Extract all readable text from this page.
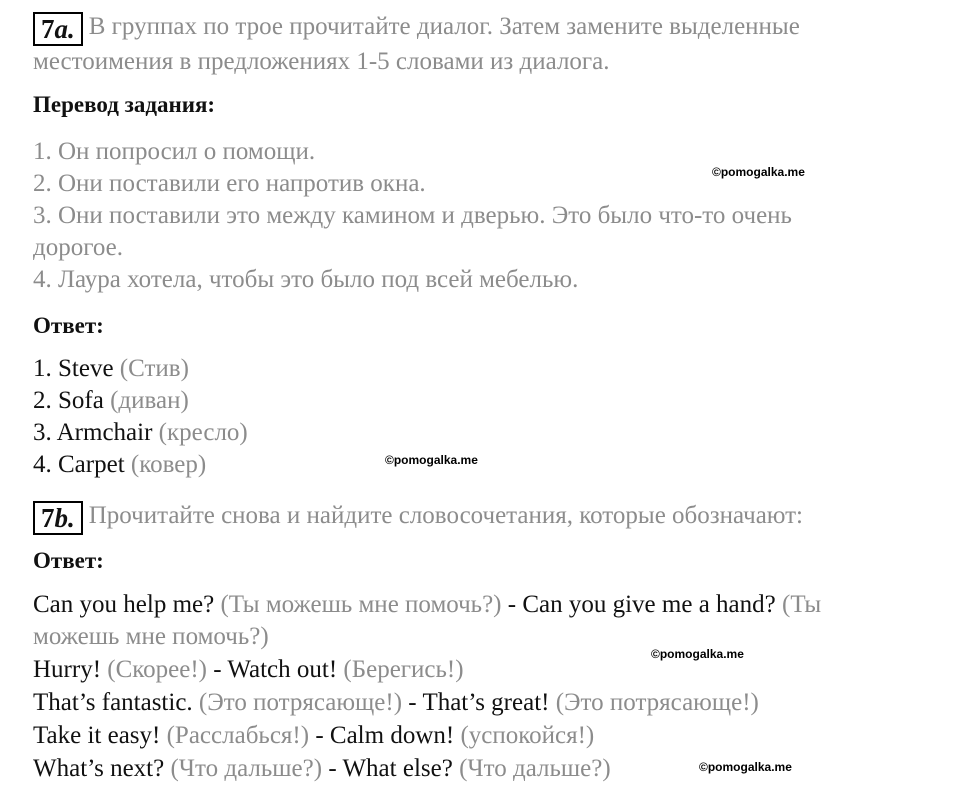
7a. В группах по трое прочитайте диалог. Затем замените выделенные
местоимения в предложениях 1-5 словами из диалога.
Перевод задания:
1. Он попросил о помощи.
2. Они поставили его напротив окна.
3. Они поставили это между камином и дверью. Это было что-то очень
дорогое.
4. Лаура хотела, чтобы это было под всей мебелью.
Ответ:
1. Steve (Стив)
2. Sofa (диван)
3. Armchair (кресло)
4. Carpet (ковер)
7b. Прочитайте снова и найдите словосочетания, которые обозначают:
Ответ:
Can you help me? (Ты можешь мне помочь?) - Can you give me a hand? (Ты
можешь мне помочь?)
Hurry! (Скорее!) - Watch out! (Берегись!)
That’s fantastic. (Это потрясающе!) - That’s great! (Это потрясающе!)
Take it easy! (Расслабься!) - Calm down! (успокойся!)
What’s next? (Что дальше?) - What else? (Что дальше?)
©pomogalka.me
©pomogalka.me
©pomogalka.me
©pomogalka.me
